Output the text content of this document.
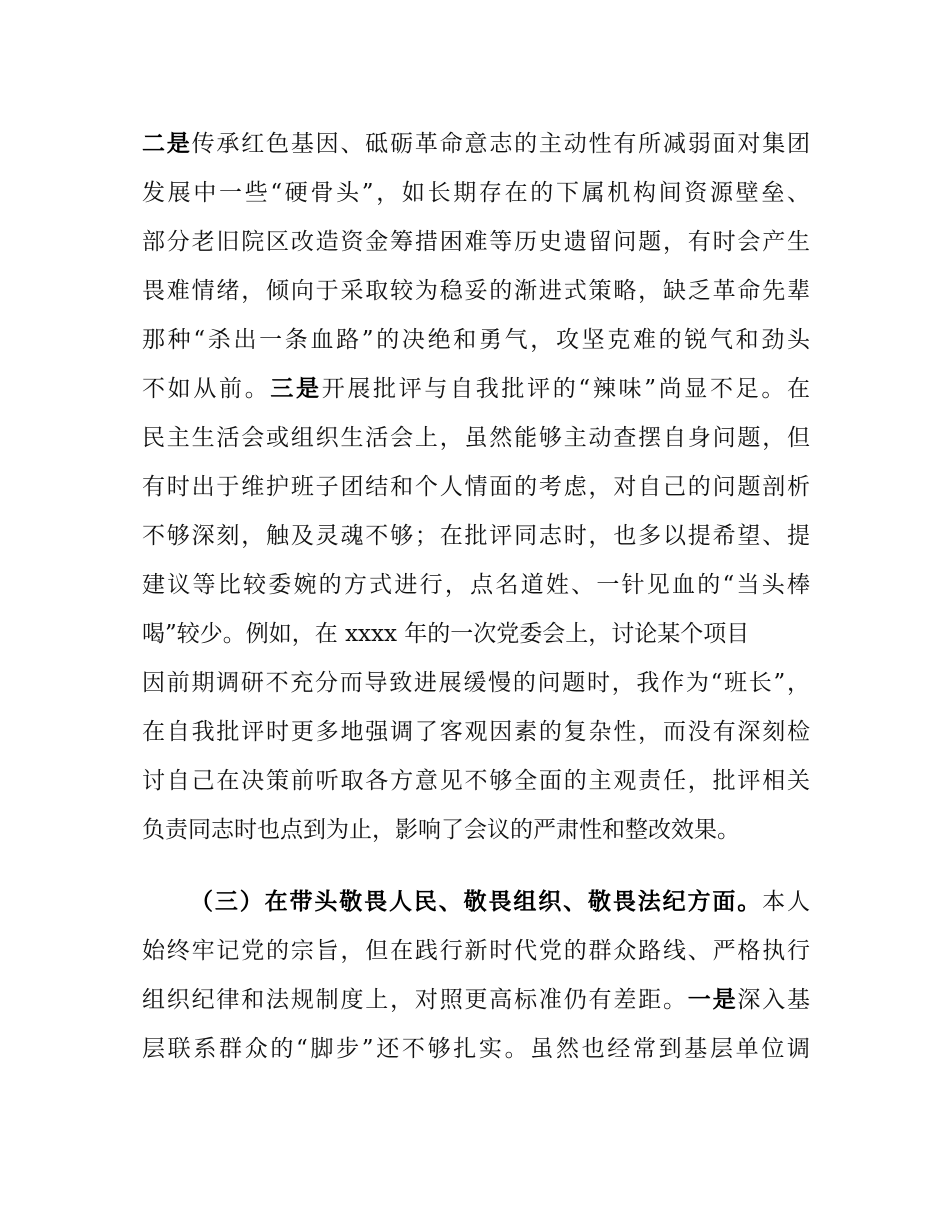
二是传承红色基因、砥砺革命意志的主动性有所减弱面对集团
发展中一些“硬骨头”，如长期存在的下属机构间资源壁垒、
部分老旧院区改造资金筹措困难等历史遗留问题，有时会产生
畏难情绪，倾向于采取较为稳妥的渐进式策略，缺乏革命先辈
那种“杀出一条血路”的决绝和勇气，攻坚克难的锐气和劲头
不如从前。三是开展批评与自我批评的“辣味”尚显不足。在
民主生活会或组织生活会上，虽然能够主动查摆自身问题，但
有时出于维护班子团结和个人情面的考虑，对自己的问题剖析
不够深刻，触及灵魂不够；在批评同志时，也多以提希望、提
建议等比较委婉的方式进行，点名道姓、一针见血的“当头棒
喝”较少。例如，在 xxxx 年的一次党委会上，讨论某个项目
因前期调研不充分而导致进展缓慢的问题时，我作为“班长”，
在自我批评时更多地强调了客观因素的复杂性，而没有深刻检
讨自己在决策前听取各方意见不够全面的主观责任，批评相关
负责同志时也点到为止，影响了会议的严肃性和整改效果。

（三）在带头敬畏人民、敬畏组织、敬畏法纪方面。本人
始终牢记党的宗旨，但在践行新时代党的群众路线、严格执行
组织纪律和法规制度上，对照更高标准仍有差距。一是深入基
层联系群众的“脚步”还不够扎实。虽然也经常到基层单位调
